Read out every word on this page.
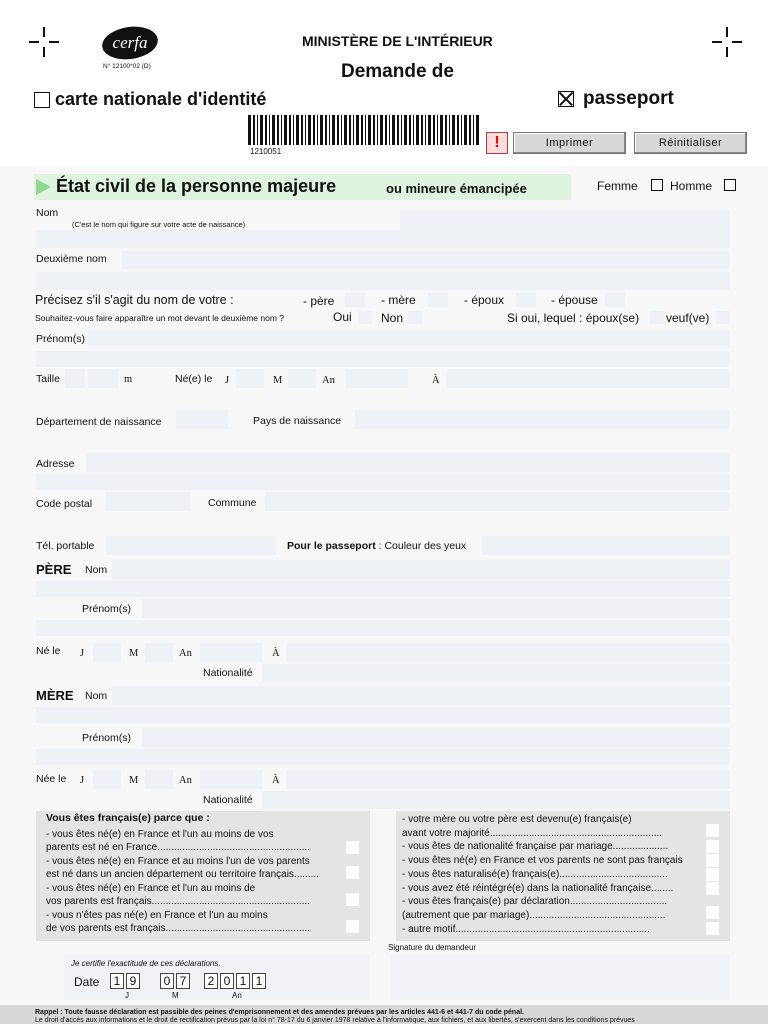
cerfa
N° 12100*02 (D)
MINISTÈRE DE L'INTÉRIEUR
Demande de
carte nationale d'identité	passeport
1210051
!	Imprimer	Réinitialiser
État civil de la personne majeure	ou mineure émancipée	Femme	Homme
Nom
(C'est le nom qui figure sur votre acte de naissance)
Deuxième nom
Précisez s'il s'agit du nom de votre :	- père	- mère	- époux	- épouse
Souhaitez-vous faire apparaître un mot devant le deuxième nom ?	Oui Non	Si oui, lequel : époux(se) veuf(ve)
Prénom(s)
Taille	m	Né(e) le J	M	An	À
Département de naissance	Pays de naissance
Adresse
Code postal	Commune
Tél. portable	Pour le passeport : Couleur des yeux
PÈRE Nom
Prénom(s)
Né le J	M	An	À
Nationalité
MÈRE Nom
Prénom(s)
Née le J	M	An	À
Nationalité
Vous êtes français(e) parce que :
- vous êtes né(e) en France et l'un au moins de vos
parents est né en France.......................................................
- vous êtes né(e) en France et au moins l'un de vos parents
est né dans un ancien département ou territoire français.........
- vous êtes né(e) en France et l'un au moins de
vos parents est français.........................................................
- vous n'êtes pas né(e) en France et l'un au moins
de vos parents est français....................................................
- votre mère ou votre père est devenu(e) français(e)
avant votre majorité..............................................................
- vous êtes de nationalité française par mariage....................
- vous êtes né(e) en France et vos parents ne sont pas français
- vous êtes naturalisé(e) français(e).......................................
- vous avez été réintégré(e) dans la nationalité française........
- vous êtes français(e) par déclaration...................................
(autrement que par mariage).................................................
- autre motif......................................................................
Signature du demandeur
Je certifie l'exactitude de ces déclarations.
Date	1 9	0 7	2 0 1 1
J	M	An
Rappel : Toute fausse déclaration est passible des peines d'emprisonnement et des amendes prévues par les articles 441-6 et 441-7 du code pénal.
Le droit d'accès aux informations et le droit de rectification prévus par la loi n° 78-17 du 6 janvier 1978 relative à l'informatique, aux fichiers, et aux libertés, s'exercent dans les conditions prévues
